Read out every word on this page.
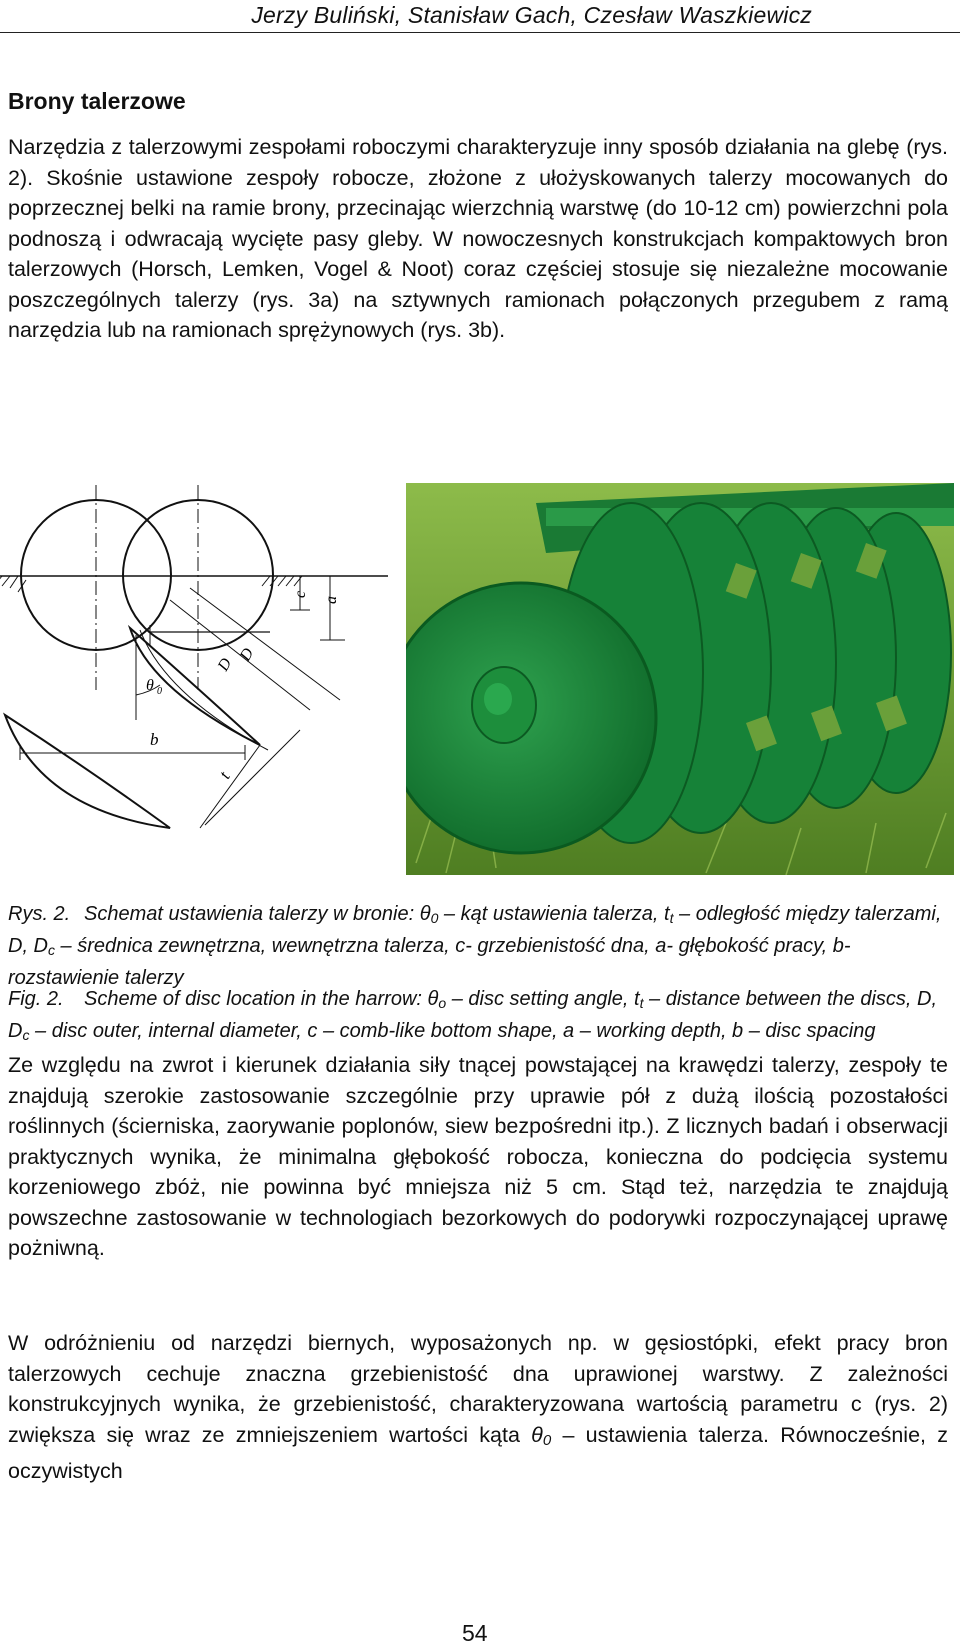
Jerzy Buliński, Stanisław Gach, Czesław Waszkiewicz
Brony talerzowe

Narzędzia z talerzowymi zespołami roboczymi charakteryzuje inny sposób działania na glebę (rys. 2). Skośnie ustawione zespoły robocze, złożone z ułożyskowanych talerzy mocowanych do poprzecznej belki na ramie brony, przecinając wierzchnią warstwę (do 10-12 cm) powierzchni pola podnoszą i odwracają wycięte pasy gleby. W nowoczesnych konstrukcjach kompaktowych bron talerzowych (Horsch, Lemken, Vogel & Noot) coraz częściej stosuje się niezależne mocowanie poszczególnych talerzy (rys. 3a) na sztywnych ramionach połączonych przegubem z ramą narzędzia lub na ramionach sprężynowych (rys. 3b).

c
a
D
D
θ 0
b
t
Rys. 2. Schemat ustawienia talerzy w bronie: $\theta_0$ – kąt ustawienia talerza, $t_t$ – odległość między talerzami, D, $D_c$ – średnica zewnętrzna, wewnętrzna talerza, c- grzebienistość dna, a- głębokość pracy, b- rozstawienie talerzy
Fig. 2. Scheme of disc location in the harrow: $\theta_o$ – disc setting angle, $t_t$ – distance between the discs, D, $D_c$ – disc outer, internal diameter, c – comb-like bottom shape, a – working depth, b – disc spacing

Ze względu na zwrot i kierunek działania siły tnącej powstającej na krawędzi talerzy, zespoły te znajdują szerokie zastosowanie szczególnie przy uprawie pół z dużą ilością pozostałości roślinnych (ścierniska, zaorywanie poplonów, siew bezpośredni itp.). Z licznych badań i obserwacji praktycznych wynika, że minimalna głębokość robocza, konieczna do podcięcia systemu korzeniowego zbóż, nie powinna być mniejsza niż 5 cm. Stąd też, narzędzia te znajdują powszechne zastosowanie w technologiach bezorkowych do podorywki rozpoczynającej uprawę pożniwną.

W odróżnieniu od narzędzi biernych, wyposażonych np. w gęsiostópki, efekt pracy bron talerzowych cechuje znaczna grzebienistość dna uprawionej warstwy. Z zależności konstrukcyjnych wynika, że grzebienistość, charakteryzowana wartością parametru c (rys. 2) zwiększa się wraz ze zmniejszeniem wartości kąta $\theta_0$ – ustawienia talerza. Równocześnie, z oczywistych

54
